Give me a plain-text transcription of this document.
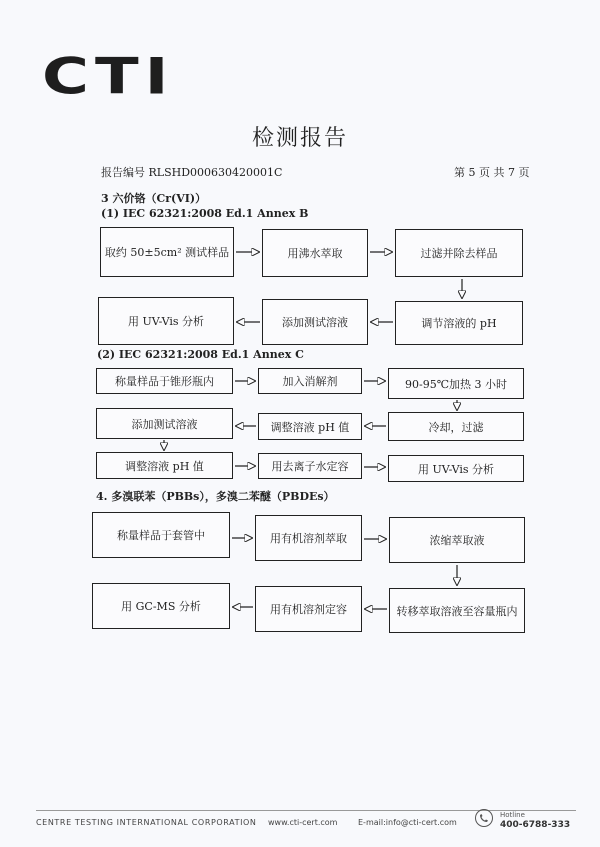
CTI
检测报告
报告编号 RLSHD000630420001C	第 5 页 共 7 页
3 六价铬（Cr(VI)）
(1) IEC 62321:2008 Ed.1 Annex B
取约 50±5cm² 测试样品	用沸水萃取	过滤并除去样品
调节溶液的 pH
添加测试溶液
用 UV-Vis 分析
(2) IEC 62321:2008 Ed.1 Annex C
称量样品于锥形瓶内	加入消解剂	90-95℃加热 3 小时
冷却，过滤
调整溶液 pH 值
添加测试溶液
调整溶液 pH 值	用去离子水定容	用 UV-Vis 分析
4. 多溴联苯（PBBs），多溴二苯醚（PBDEs）
称量样品于套管中	用有机溶剂萃取	浓缩萃取液
转移萃取溶液至容量瓶内
用有机溶剂定容
用 GC-MS 分析
CENTRE TESTING INTERNATIONAL CORPORATION www.cti-cert.com	E-mail:info@cti-cert.com
Hotline
400-6788-333
